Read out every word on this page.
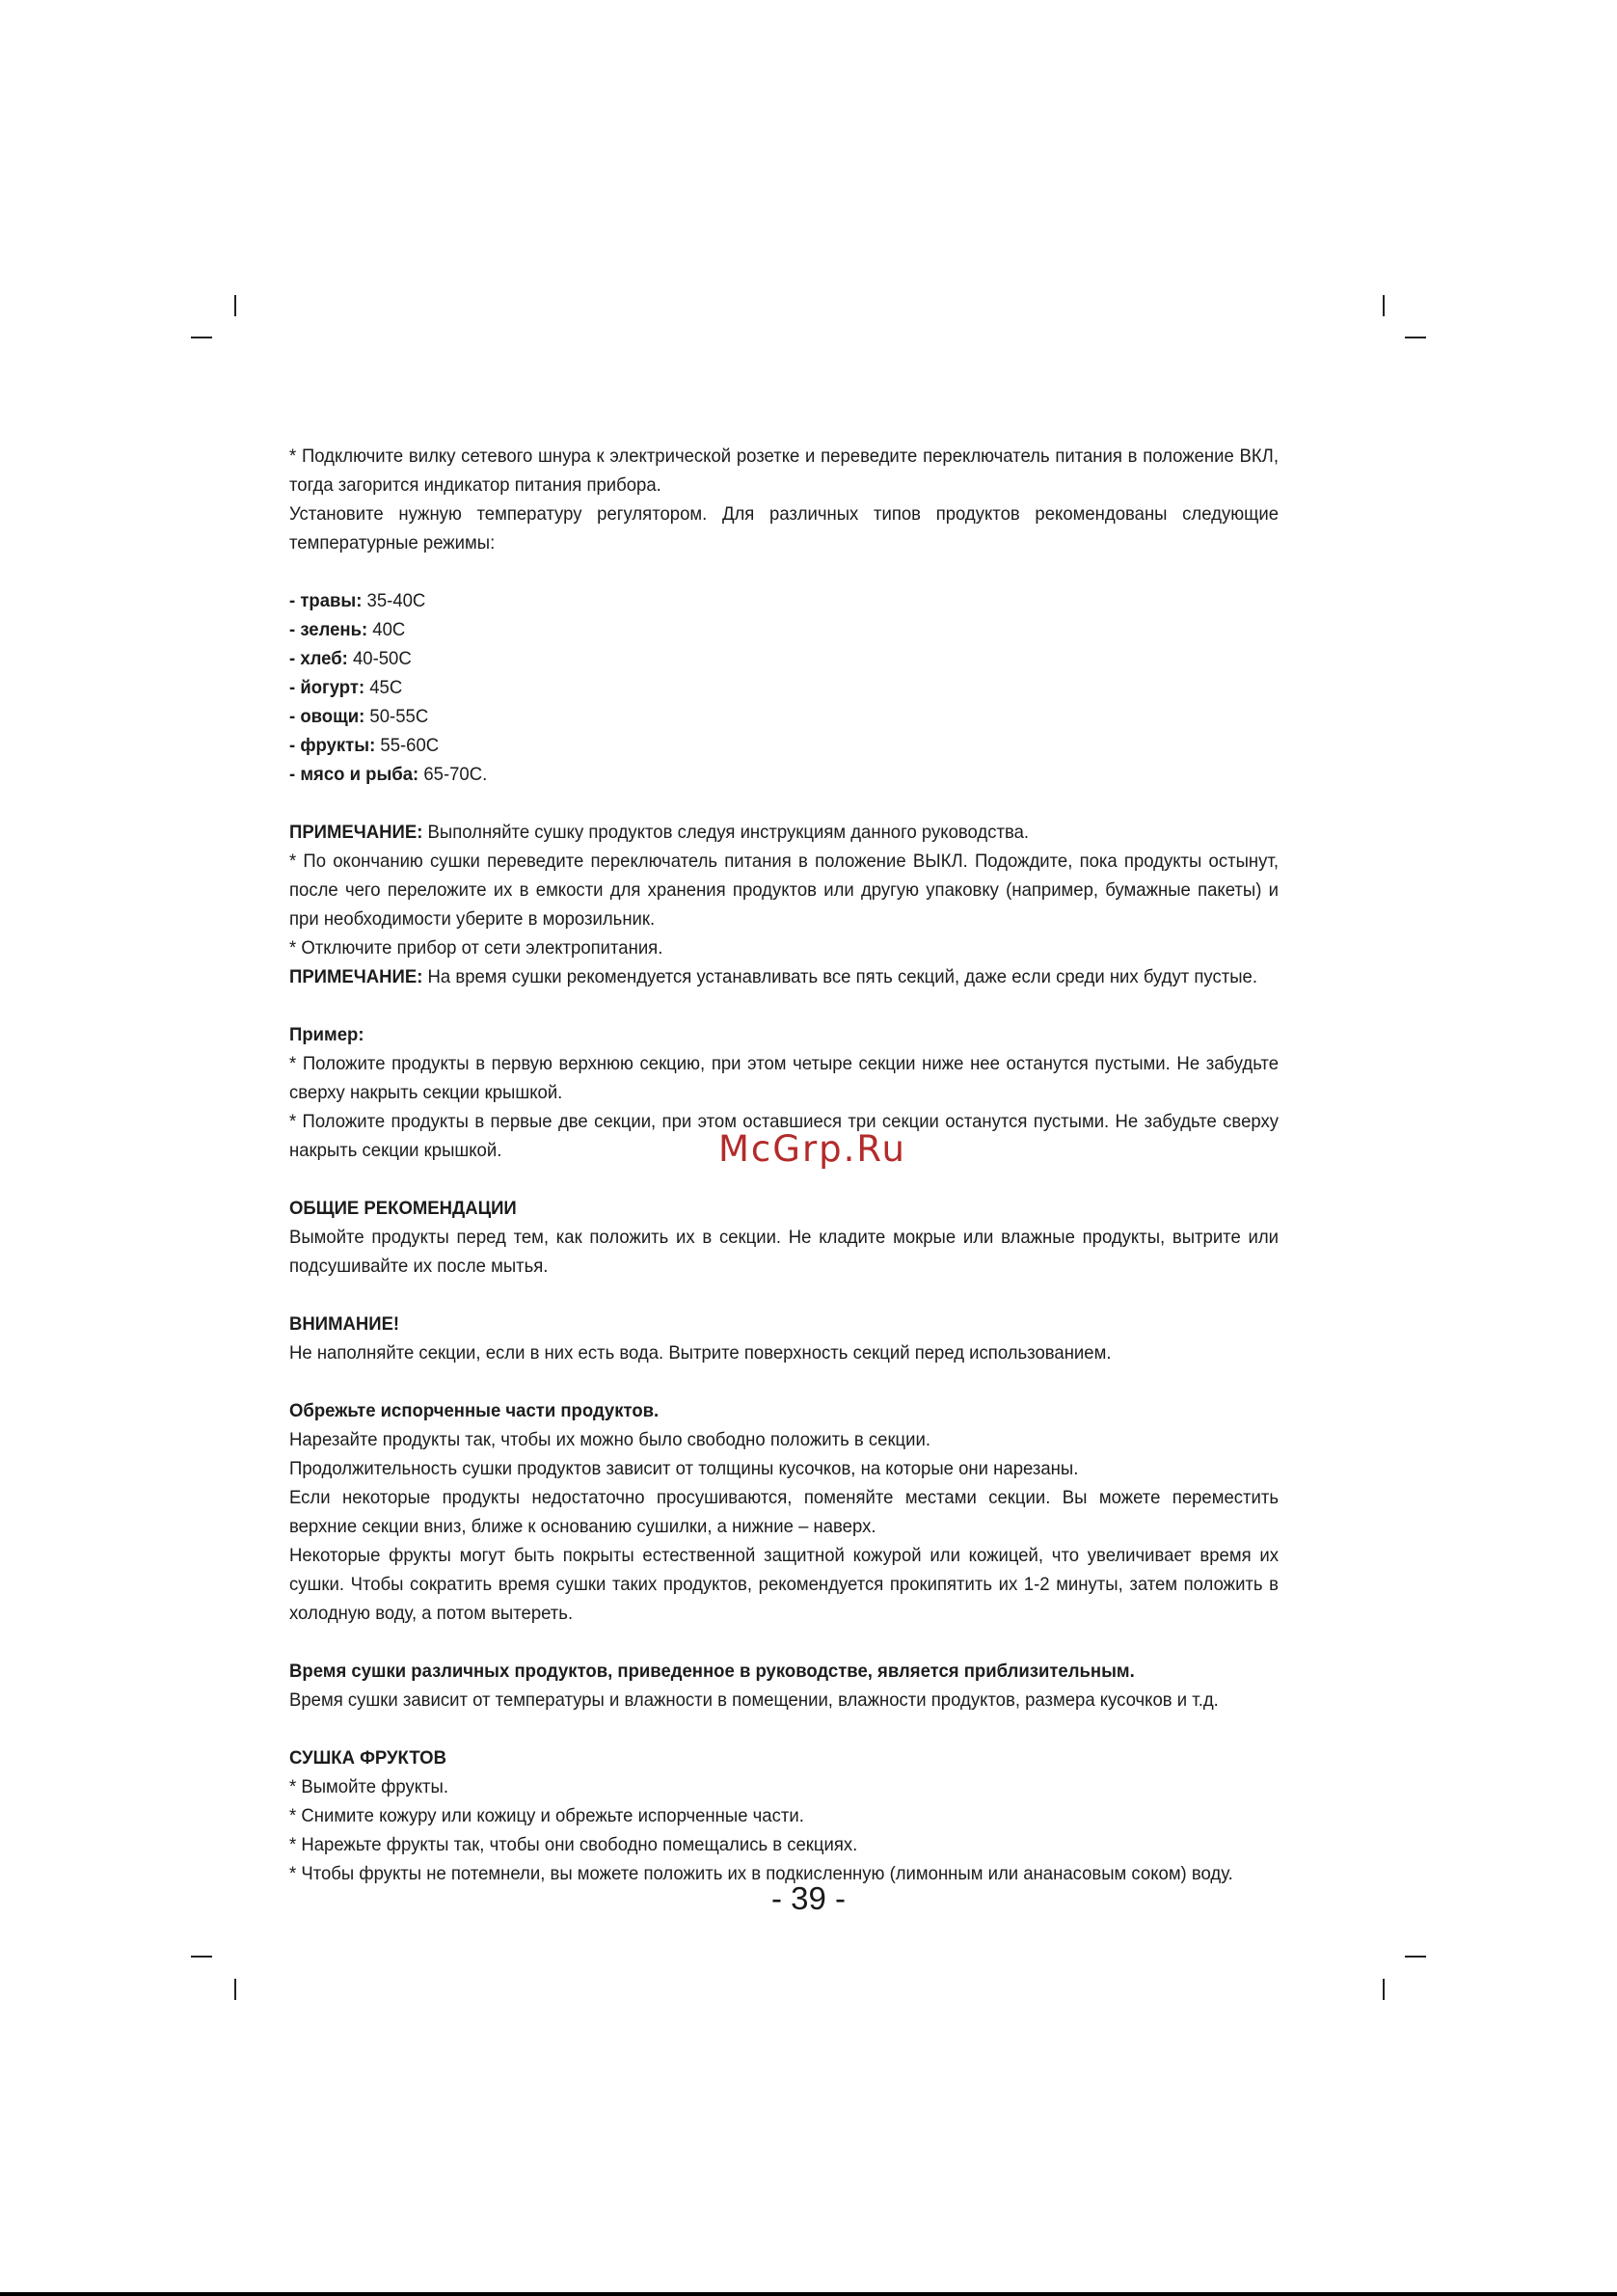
* Подключите вилку сетевого шнура к электрической розетке и переведите переключатель питания в положение ВКЛ, тогда загорится индикатор питания прибора.

Установите нужную температуру регулятором. Для различных типов продуктов рекомендованы следующие температурные режимы:

- травы: 35-40С

- зелень: 40С

- хлеб: 40-50С

- йогурт: 45С

- овощи: 50-55С

- фрукты: 55-60С

- мясо и рыба: 65-70С.

ПРИМЕЧАНИЕ: Выполняйте сушку продуктов следуя инструкциям данного руководства.

* По окончанию сушки переведите переключатель питания в положение ВЫКЛ. Подождите, пока продукты остынут, после чего переложите их в емкости для хранения продуктов или другую упаковку (например, бумажные пакеты) и при необходимости уберите в морозильник.

* Отключите прибор от сети электропитания.

ПРИМЕЧАНИЕ: На время сушки рекомендуется устанавливать все пять секций, даже если среди них будут пустые.

Пример:

* Положите продукты в первую верхнюю секцию, при этом четыре секции ниже нее останутся пустыми. Не забудьте сверху накрыть секции крышкой.

* Положите продукты в первые две секции, при этом оставшиеся три секции останутся пустыми. Не забудьте сверху накрыть секции крышкой.

ОБЩИЕ РЕКОМЕНДАЦИИ

Вымойте продукты перед тем, как положить их в секции. Не кладите мокрые или влажные продукты, вытрите или подсушивайте их после мытья.

ВНИМАНИЕ!

Не наполняйте секции, если в них есть вода. Вытрите поверхность секций перед использованием.

Обрежьте испорченные части продуктов.

Нарезайте продукты так, чтобы их можно было свободно положить в секции.

Продолжительность сушки продуктов зависит от толщины кусочков, на которые они нарезаны.

Если некоторые продукты недостаточно просушиваются, поменяйте местами секции. Вы можете переместить верхние секции вниз, ближе к основанию сушилки, а нижние – наверх.

Некоторые фрукты могут быть покрыты естественной защитной кожурой или кожицей, что увеличивает время их сушки. Чтобы сократить время сушки таких продуктов, рекомендуется прокипятить их 1-2 минуты, затем положить в холодную воду, а потом вытереть.

Время сушки различных продуктов, приведенное в руководстве, является приблизительным.

Время сушки зависит от температуры и влажности в помещении, влажности продуктов, размера кусочков и т.д.

СУШКА ФРУКТОВ

* Вымойте фрукты.

* Снимите кожуру или кожицу и обрежьте испорченные части.

* Нарежьте фрукты так, чтобы они свободно помещались в секциях.

* Чтобы фрукты не потемнели, вы можете положить их в подкисленную (лимонным или ананасовым соком) воду.

McGrp.Ru
- 39 -
